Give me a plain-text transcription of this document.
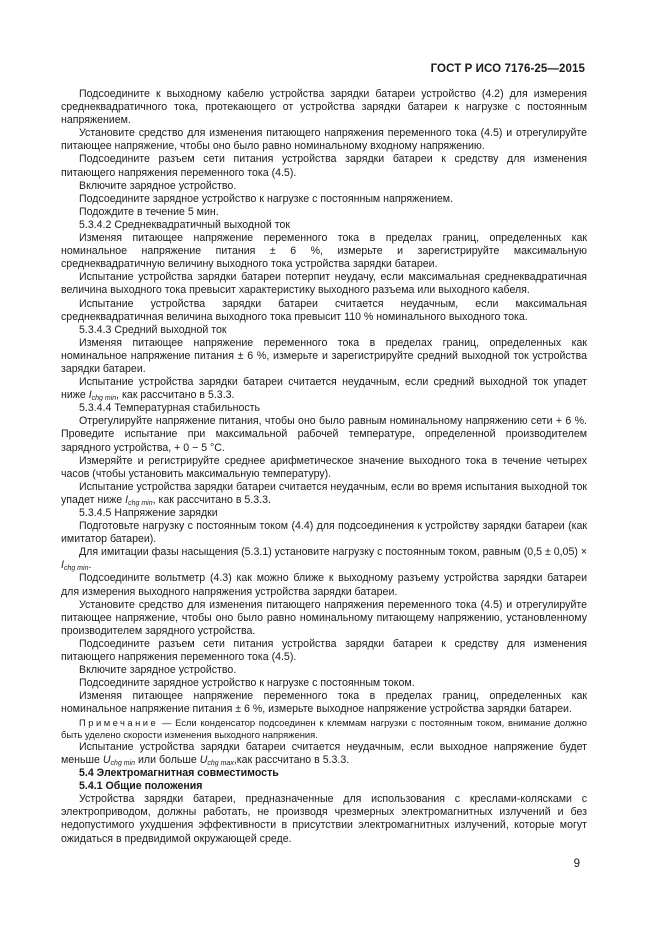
ГОСТ Р ИСО 7176-25—2015

Подсоедините к выходному кабелю устройства зарядки батареи устройство (4.2) для измерения среднеквадратичного тока, протекающего от устройства зарядки батареи к нагрузке с постоянным напряжением.

Установите средство для изменения питающего напряжения переменного тока (4.5) и отрегулируйте питающее напряжение, чтобы оно было равно номинальному входному напряжению.

Подсоедините разъем сети питания устройства зарядки батареи к средству для изменения питающего напряжения переменного тока (4.5).

Включите зарядное устройство.

Подсоедините зарядное устройство к нагрузке с постоянным напряжением.

Подождите в течение 5 мин.

5.3.4.2 Среднеквадратичный выходной ток

Изменяя питающее напряжение переменного тока в пределах границ, определенных как номинальное напряжение питания ± 6 %, измерьте и зарегистрируйте максимальную среднеквадратичную величину выходного тока устройства зарядки батареи.

Испытание устройства зарядки батареи потерпит неудачу, если максимальная среднеквадратичная величина выходного тока превысит характеристику выходного разъема или выходного кабеля.

Испытание устройства зарядки батареи считается неудачным, если максимальная среднеквадратичная величина выходного тока превысит 110 % номинального выходного тока.

5.3.4.3 Средний выходной ток

Изменяя питающее напряжение переменного тока в пределах границ, определенных как номинальное напряжение питания ± 6 %, измерьте и зарегистрируйте средний выходной ток устройства зарядки батареи.

Испытание устройства зарядки батареи считается неудачным, если средний выходной ток упадет ниже $I_{chg min}$, как рассчитано в 5.3.3.

5.3.4.4 Температурная стабильность

Отрегулируйте напряжение питания, чтобы оно было равным номинальному напряжению сети + 6 %. Проведите испытание при максимальной рабочей температуре, определенной производителем зарядного устройства, + 0 − 5 °С.

Измеряйте и регистрируйте среднее арифметическое значение выходного тока в течение четырех часов (чтобы установить максимальную температуру).

Испытание устройства зарядки батареи считается неудачным, если во время испытания выходной ток упадет ниже $I_{chg min}$, как рассчитано в 5.3.3.

5.3.4.5 Напряжение зарядки

Подготовьте нагрузку с постоянным током (4.4) для подсоединения к устройству зарядки батареи (как имитатор батареи).

Для имитации фазы насыщения (5.3.1) установите нагрузку с постоянным током, равным $(0,5 \pm 0,05) \times I_{chg min}$.

Подсоедините вольтметр (4.3) как можно ближе к выходному разъему устройства зарядки батареи для измерения выходного напряжения устройства зарядки батареи.

Установите средство для изменения питающего напряжения переменного тока (4.5) и отрегулируйте питающее напряжение, чтобы оно было равно номинальному питающему напряжению, установленному производителем зарядного устройства.

Подсоедините разъем сети питания устройства зарядки батареи к средству для изменения питающего напряжения переменного тока (4.5).

Включите зарядное устройство.

Подсоедините зарядное устройство к нагрузке с постоянным током.

Изменяя питающее напряжение переменного тока в пределах границ, определенных как номинальное напряжение питания ± 6 %, измерьте выходное напряжение устройства зарядки батареи.

Примечание — Если конденсатор подсоединен к клеммам нагрузки с постоянным током, внимание должно быть уделено скорости изменения выходного напряжения.

Испытание устройства зарядки батареи считается неудачным, если выходное напряжение будет меньше $U_{chg min}$ или больше $U_{chg max},как$ рассчитано в 5.3.3.

5.4 Электромагнитная совместимость

5.4.1 Общие положения

Устройства зарядки батареи, предназначенные для использования с креслами-колясками с электроприводом, должны работать, не производя чрезмерных электромагнитных излучений и без недопустимого ухудшения эффективности в присутствии электромагнитных излучений, которые могут ожидаться в предвидимой окружающей среде.

9
